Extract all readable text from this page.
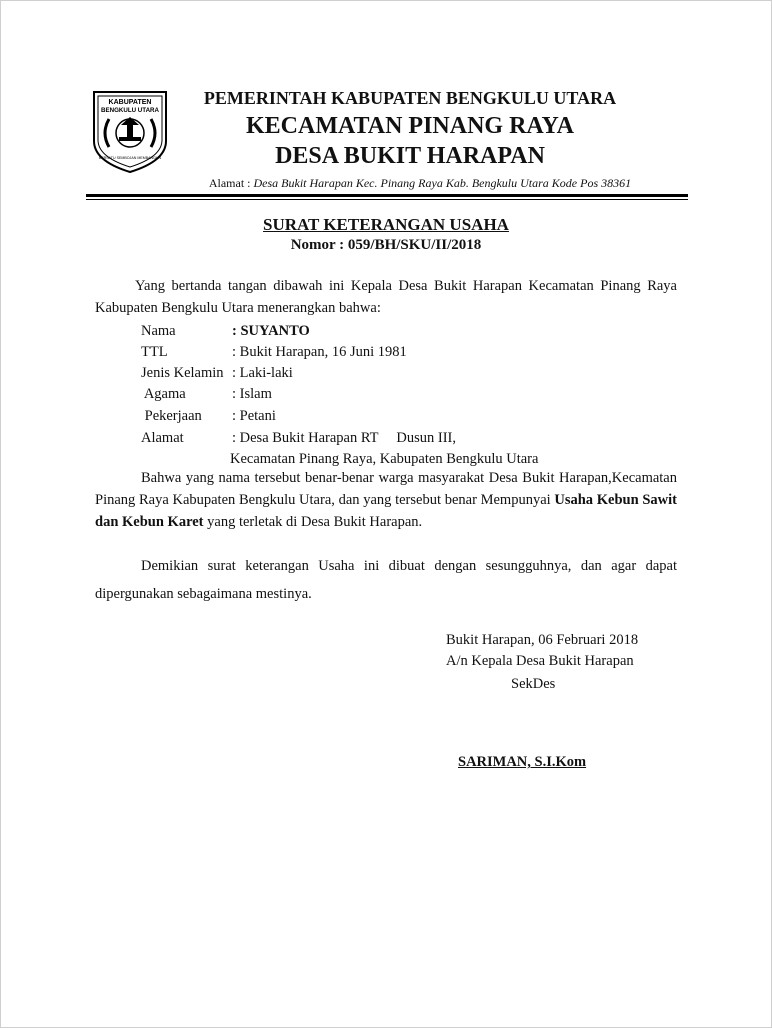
KABUPATEN
BENGKULU UTARA
BERSATU SEMBOJAN MEMBANGUN
PEMERINTAH KABUPATEN BENGKULU UTARA
KECAMATAN PINANG RAYA
DESA BUKIT HARAPAN
Alamat : Desa Bukit Harapan Kec. Pinang Raya Kab. Bengkulu Utara Kode Pos 38361
SURAT KETERANGAN USAHA
Nomor : 059/BH/SKU/II/2018
Yang bertanda tangan dibawah ini Kepala Desa Bukit Harapan Kecamatan Pinang Raya Kabupaten Bengkulu Utara menerangkan bahwa:
Nama	: SUYANTO
TTL	: Bukit Harapan, 16 Juni 1981
Jenis Kelamin : Laki-laki
Agama	: Islam
Pekerjaan : Petani
Alamat	: Desa Bukit Harapan RT     Dusun III,
Kecamatan Pinang Raya, Kabupaten Bengkulu Utara
Bahwa yang nama tersebut benar-benar warga masyarakat Desa Bukit Harapan,Kecamatan Pinang Raya Kabupaten Bengkulu Utara, dan yang tersebut benar Mempunyai Usaha Kebun Sawit dan Kebun Karet yang terletak di Desa Bukit Harapan.
Demikian surat keterangan Usaha ini dibuat dengan sesungguhnya, dan agar dapat dipergunakan sebagaimana mestinya.
Bukit Harapan, 06 Februari 2018
A/n Kepala Desa Bukit Harapan
SekDes
SARIMAN, S.I.Kom
